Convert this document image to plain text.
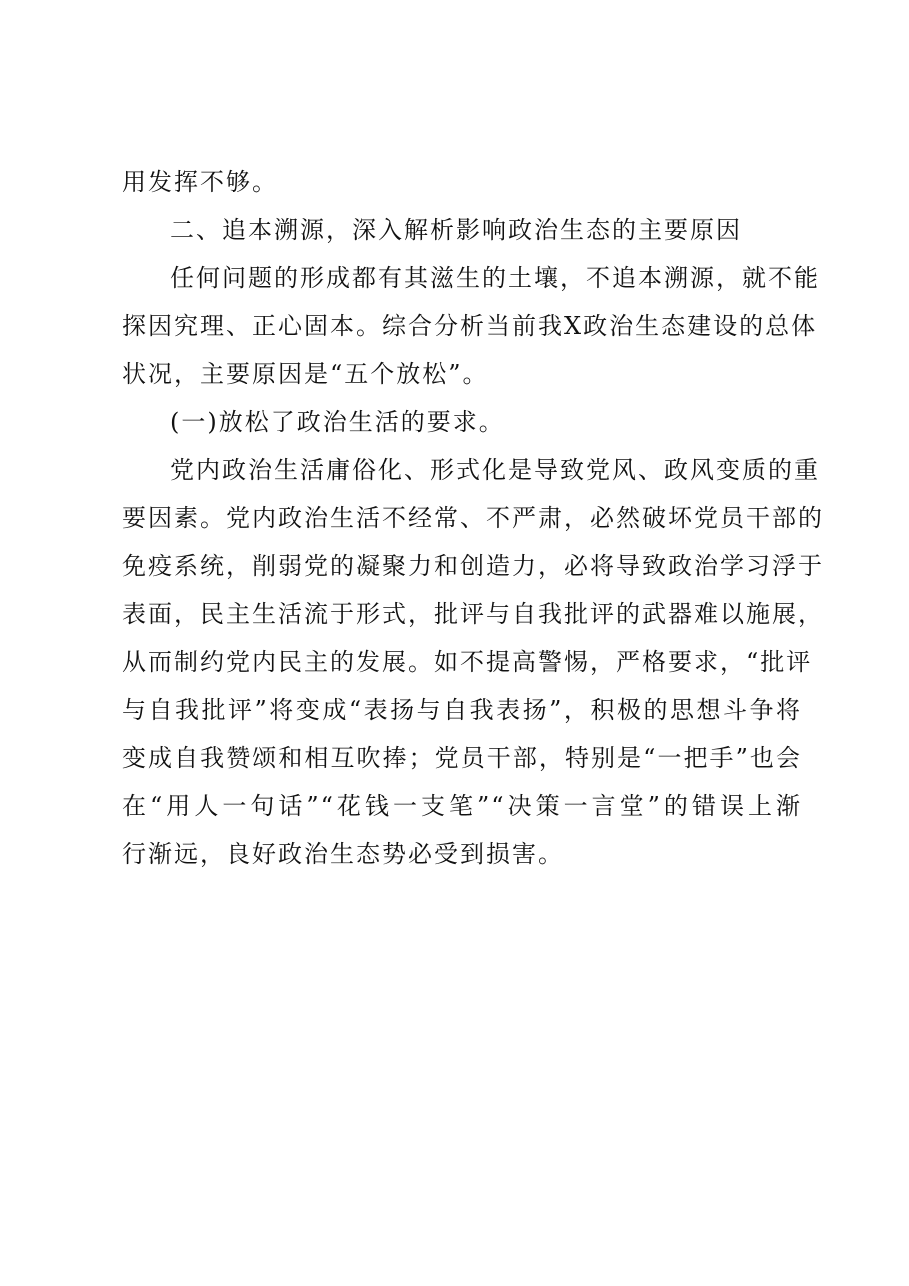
用发挥不够。
二、追本溯源，深入解析影响政治生态的主要原因
任何问题的形成都有其滋生的土壤，不追本溯源，就不能
探因究理、正心固本。综合分析当前我X政治生态建设的总体
状况，主要原因是“五个放松”。
(一)放松了政治生活的要求。
党内政治生活庸俗化、形式化是导致党风、政风变质的重
要因素。党内政治生活不经常、不严肃，必然破坏党员干部的
免疫系统，削弱党的凝聚力和创造力，必将导致政治学习浮于
表面，民主生活流于形式，批评与自我批评的武器难以施展，
从而制约党内民主的发展。如不提高警惕，严格要求，“批评
与自我批评”将变成“表扬与自我表扬”，积极的思想斗争将
变成自我赞颂和相互吹捧；党员干部，特别是“一把手”也会
在“用人一句话”“花钱一支笔”“决策一言堂”的错误上渐
行渐远，良好政治生态势必受到损害。
